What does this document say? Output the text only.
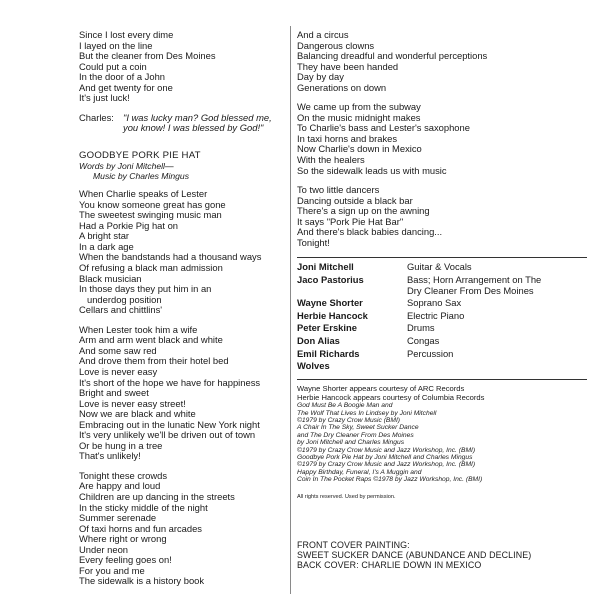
Since I lost every dime
I layed on the line
But the cleaner from Des Moines
Could put a coin
In the door of a John
And get twenty for one
It's just luck!
Charles: "I was lucky man? God blessed me,
you know! I was blessed by God!"
GOODBYE PORK PIE HAT
Words by Joni Mitchell—
Music by Charles Mingus
When Charlie speaks of Lester
You know someone great has gone
The sweetest swinging music man
Had a Porkie Pig hat on
A bright star
In a dark age
When the bandstands had a thousand ways
Of refusing a black man admission
Black musician
In those days they put him in an
underdog position
Cellars and chittlins'
When Lester took him a wife
Arm and arm went black and white
And some saw red
And drove them from their hotel bed
Love is never easy
It's short of the hope we have for happiness
Bright and sweet
Love is never easy street!
Now we are black and white
Embracing out in the lunatic New York night
It's very unlikely we'll be driven out of town
Or be hung in a tree
That's unlikely!
Tonight these crowds
Are happy and loud
Children are up dancing in the streets
In the sticky middle of the night
Summer serenade
Of taxi horns and fun arcades
Where right or wrong
Under neon
Every feeling goes on!
For you and me
The sidewalk is a history book
And a circus
Dangerous clowns
Balancing dreadful and wonderful perceptions
They have been handed
Day by day
Generations on down
We came up from the subway
On the music midnight makes
To Charlie's bass and Lester's saxophone
In taxi horns and brakes
Now Charlie's down in Mexico
With the healers
So the sidewalk leads us with music
To two little dancers
Dancing outside a black bar
There's a sign up on the awning
It says "Pork Pie Hat Bar"
And there's black babies dancing...
Tonight!
Joni Mitchell	Guitar & Vocals
Jaco Pastorius	Bass; Horn Arrangement on The Dry Cleaner From Des Moines
Wayne Shorter	Soprano Sax
Herbie Hancock	Electric Piano
Peter Erskine	Drums
Don Alias	Congas
Emil Richards	Percussion
Wolves
Wayne Shorter appears courtesy of ARC Records
Herbie Hancock appears courtesy of Columbia Records
God Must Be A Boogie Man and
The Wolf That Lives In Lindsey by Joni Mitchell
©1979 by Crazy Crow Music (BMI)
A Chair In The Sky, Sweet Sucker Dance
and The Dry Cleaner From Des Moines
by Joni Mitchell and Charles Mingus
©1979 by Crazy Crow Music and Jazz Workshop, Inc. (BMI)
Goodbye Pork Pie Hat by Joni Mitchell and Charles Mingus
©1979 by Crazy Crow Music and Jazz Workshop, Inc. (BMI)
Happy Birthday, Funeral, I's A Muggin and
Coin In The Pocket Raps ©1978 by Jazz Workshop, Inc. (BMI)
All rights reserved. Used by permission.
FRONT COVER PAINTING:
SWEET SUCKER DANCE (ABUNDANCE AND DECLINE)
BACK COVER: CHARLIE DOWN IN MEXICO
